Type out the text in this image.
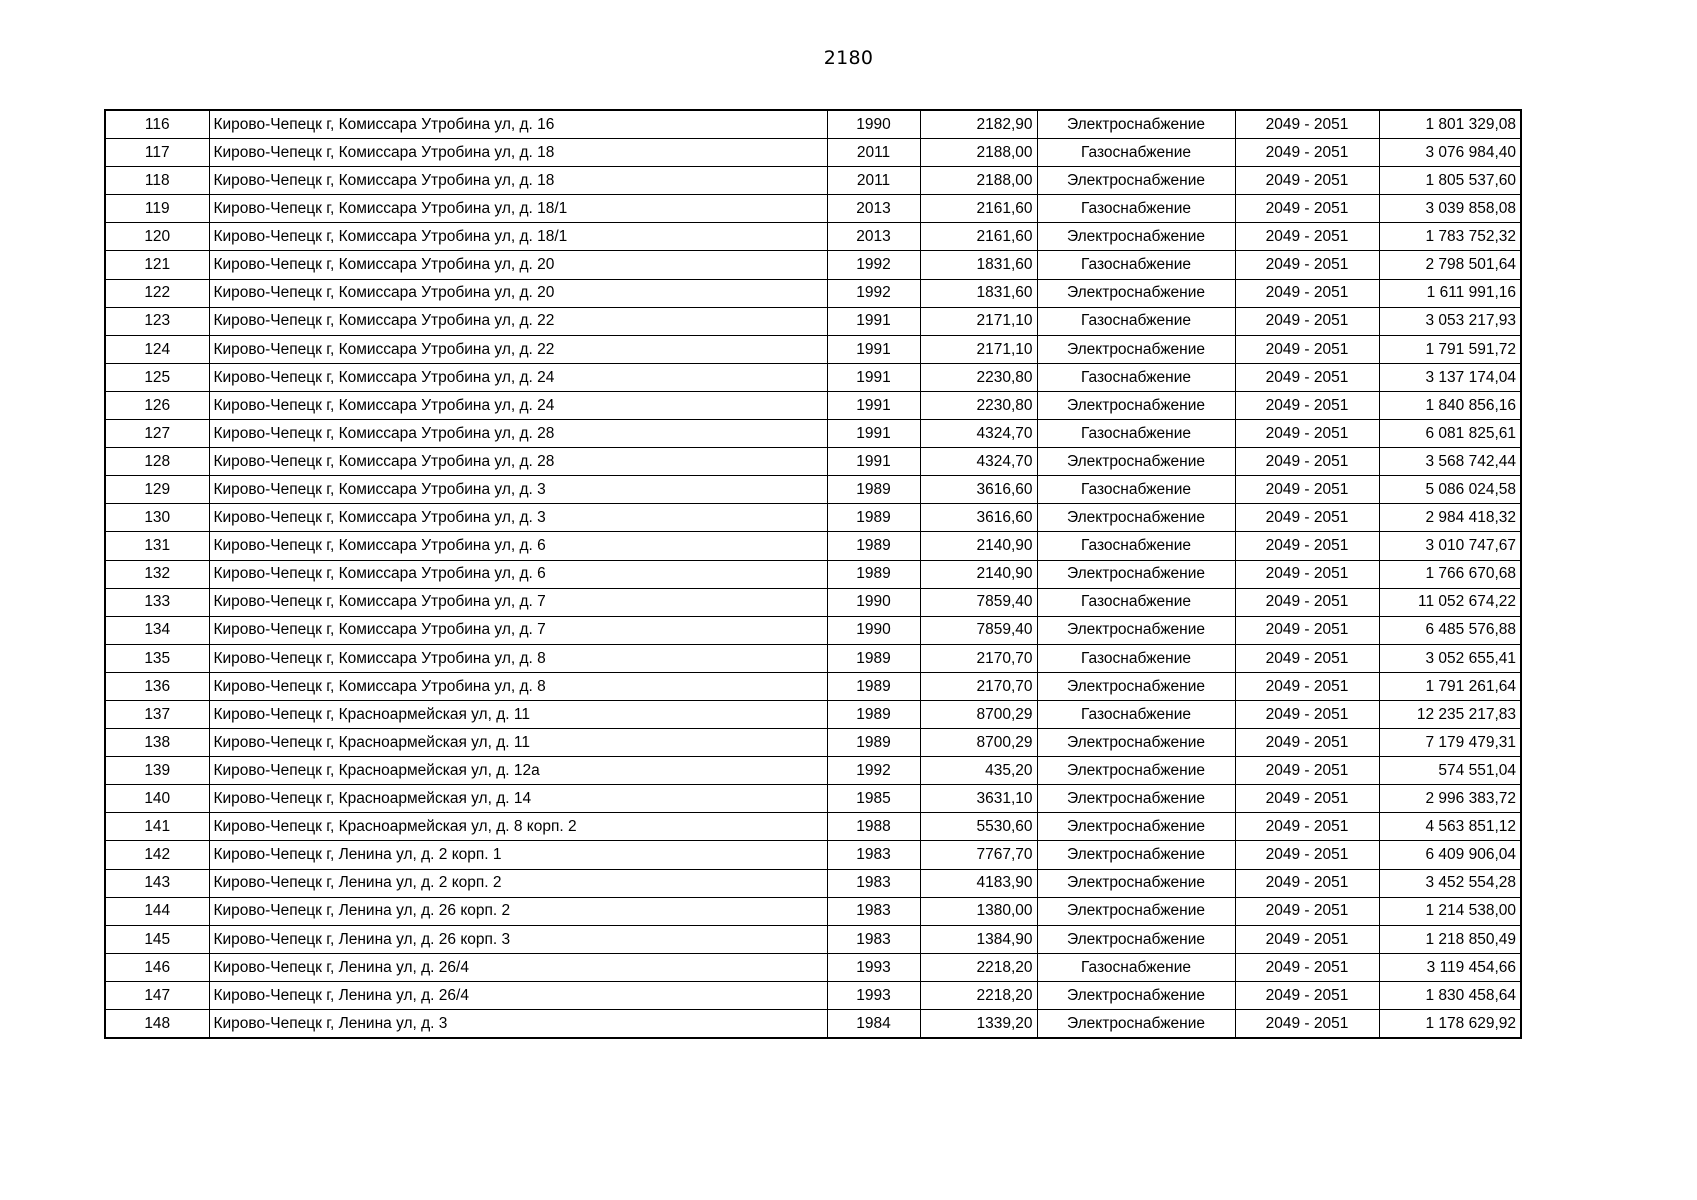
2180
116	Кирово-Чепецк г, Комиссара Утробина ул, д. 16	1990	2182,90	Электроснабжение	2049 - 2051	1 801 329,08
117	Кирово-Чепецк г, Комиссара Утробина ул, д. 18	2011	2188,00	Газоснабжение	2049 - 2051	3 076 984,40
118	Кирово-Чепецк г, Комиссара Утробина ул, д. 18	2011	2188,00	Электроснабжение	2049 - 2051	1 805 537,60
119	Кирово-Чепецк г, Комиссара Утробина ул, д. 18/1	2013	2161,60	Газоснабжение	2049 - 2051	3 039 858,08
120	Кирово-Чепецк г, Комиссара Утробина ул, д. 18/1	2013	2161,60	Электроснабжение	2049 - 2051	1 783 752,32
121	Кирово-Чепецк г, Комиссара Утробина ул, д. 20	1992	1831,60	Газоснабжение	2049 - 2051	2 798 501,64
122	Кирово-Чепецк г, Комиссара Утробина ул, д. 20	1992	1831,60	Электроснабжение	2049 - 2051	1 611 991,16
123	Кирово-Чепецк г, Комиссара Утробина ул, д. 22	1991	2171,10	Газоснабжение	2049 - 2051	3 053 217,93
124	Кирово-Чепецк г, Комиссара Утробина ул, д. 22	1991	2171,10	Электроснабжение	2049 - 2051	1 791 591,72
125	Кирово-Чепецк г, Комиссара Утробина ул, д. 24	1991	2230,80	Газоснабжение	2049 - 2051	3 137 174,04
126	Кирово-Чепецк г, Комиссара Утробина ул, д. 24	1991	2230,80	Электроснабжение	2049 - 2051	1 840 856,16
127	Кирово-Чепецк г, Комиссара Утробина ул, д. 28	1991	4324,70	Газоснабжение	2049 - 2051	6 081 825,61
128	Кирово-Чепецк г, Комиссара Утробина ул, д. 28	1991	4324,70	Электроснабжение	2049 - 2051	3 568 742,44
129	Кирово-Чепецк г, Комиссара Утробина ул, д. 3	1989	3616,60	Газоснабжение	2049 - 2051	5 086 024,58
130	Кирово-Чепецк г, Комиссара Утробина ул, д. 3	1989	3616,60	Электроснабжение	2049 - 2051	2 984 418,32
131	Кирово-Чепецк г, Комиссара Утробина ул, д. 6	1989	2140,90	Газоснабжение	2049 - 2051	3 010 747,67
132	Кирово-Чепецк г, Комиссара Утробина ул, д. 6	1989	2140,90	Электроснабжение	2049 - 2051	1 766 670,68
133	Кирово-Чепецк г, Комиссара Утробина ул, д. 7	1990	7859,40	Газоснабжение	2049 - 2051	11 052 674,22
134	Кирово-Чепецк г, Комиссара Утробина ул, д. 7	1990	7859,40	Электроснабжение	2049 - 2051	6 485 576,88
135	Кирово-Чепецк г, Комиссара Утробина ул, д. 8	1989	2170,70	Газоснабжение	2049 - 2051	3 052 655,41
136	Кирово-Чепецк г, Комиссара Утробина ул, д. 8	1989	2170,70	Электроснабжение	2049 - 2051	1 791 261,64
137	Кирово-Чепецк г, Красноармейская ул, д. 11	1989	8700,29	Газоснабжение	2049 - 2051	12 235 217,83
138	Кирово-Чепецк г, Красноармейская ул, д. 11	1989	8700,29	Электроснабжение	2049 - 2051	7 179 479,31
139	Кирово-Чепецк г, Красноармейская ул, д. 12а	1992	435,20	Электроснабжение	2049 - 2051	574 551,04
140	Кирово-Чепецк г, Красноармейская ул, д. 14	1985	3631,10	Электроснабжение	2049 - 2051	2 996 383,72
141	Кирово-Чепецк г, Красноармейская ул, д. 8 корп. 2	1988	5530,60	Электроснабжение	2049 - 2051	4 563 851,12
142	Кирово-Чепецк г, Ленина ул, д. 2 корп. 1	1983	7767,70	Электроснабжение	2049 - 2051	6 409 906,04
143	Кирово-Чепецк г, Ленина ул, д. 2 корп. 2	1983	4183,90	Электроснабжение	2049 - 2051	3 452 554,28
144	Кирово-Чепецк г, Ленина ул, д. 26 корп. 2	1983	1380,00	Электроснабжение	2049 - 2051	1 214 538,00
145	Кирово-Чепецк г, Ленина ул, д. 26 корп. 3	1983	1384,90	Электроснабжение	2049 - 2051	1 218 850,49
146	Кирово-Чепецк г, Ленина ул, д. 26/4	1993	2218,20	Газоснабжение	2049 - 2051	3 119 454,66
147	Кирово-Чепецк г, Ленина ул, д. 26/4	1993	2218,20	Электроснабжение	2049 - 2051	1 830 458,64
148	Кирово-Чепецк г, Ленина ул, д. 3	1984	1339,20	Электроснабжение	2049 - 2051	1 178 629,92
